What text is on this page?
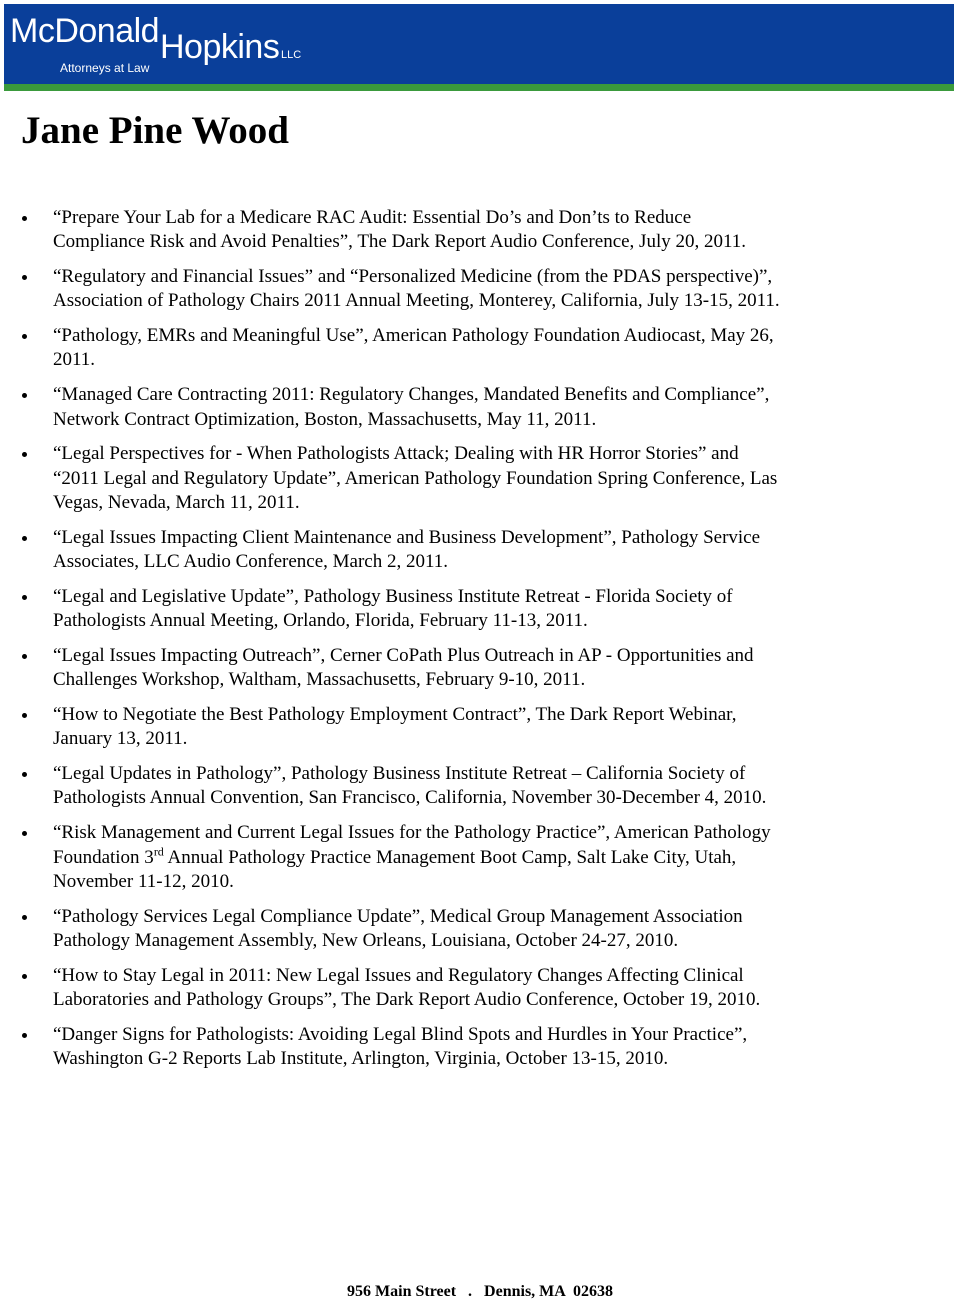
McDonald Hopkins LLC
Attorneys at Law
Jane Pine Wood
“Prepare Your Lab for a Medicare RAC Audit: Essential Do’s and Don’ts to Reduce Compliance Risk and Avoid Penalties”, The Dark Report Audio Conference, July 20, 2011.
“Regulatory and Financial Issues” and “Personalized Medicine (from the PDAS perspective)”, Association of Pathology Chairs 2011 Annual Meeting, Monterey, California, July 13-15, 2011.
“Pathology, EMRs and Meaningful Use”, American Pathology Foundation Audiocast, May 26, 2011.
“Managed Care Contracting 2011: Regulatory Changes, Mandated Benefits and Compliance”, Network Contract Optimization, Boston, Massachusetts, May 11, 2011.
“Legal Perspectives for - When Pathologists Attack; Dealing with HR Horror Stories” and “2011 Legal and Regulatory Update”, American Pathology Foundation Spring Conference, Las Vegas, Nevada, March 11, 2011.
“Legal Issues Impacting Client Maintenance and Business Development”, Pathology Service Associates, LLC Audio Conference, March 2, 2011.
“Legal and Legislative Update”, Pathology Business Institute Retreat - Florida Society of Pathologists Annual Meeting, Orlando, Florida, February 11-13, 2011.
“Legal Issues Impacting Outreach”, Cerner CoPath Plus Outreach in AP - Opportunities and Challenges Workshop, Waltham, Massachusetts, February 9-10, 2011.
“How to Negotiate the Best Pathology Employment Contract”, The Dark Report Webinar, January 13, 2011.
“Legal Updates in Pathology”, Pathology Business Institute Retreat – California Society of Pathologists Annual Convention, San Francisco, California, November 30-December 4, 2010.
“Risk Management and Current Legal Issues for the Pathology Practice”, American Pathology Foundation 3rd Annual Pathology Practice Management Boot Camp, Salt Lake City, Utah, November 11-12, 2010.
“Pathology Services Legal Compliance Update”, Medical Group Management Association Pathology Management Assembly, New Orleans, Louisiana, October 24-27, 2010.
“How to Stay Legal in 2011: New Legal Issues and Regulatory Changes Affecting Clinical Laboratories and Pathology Groups”, The Dark Report Audio Conference, October 19, 2010.
“Danger Signs for Pathologists: Avoiding Legal Blind Spots and Hurdles in Your Practice”, Washington G-2 Reports Lab Institute, Arlington, Virginia, October 13-15, 2010.
956 Main Street   .   Dennis, MA  02638
